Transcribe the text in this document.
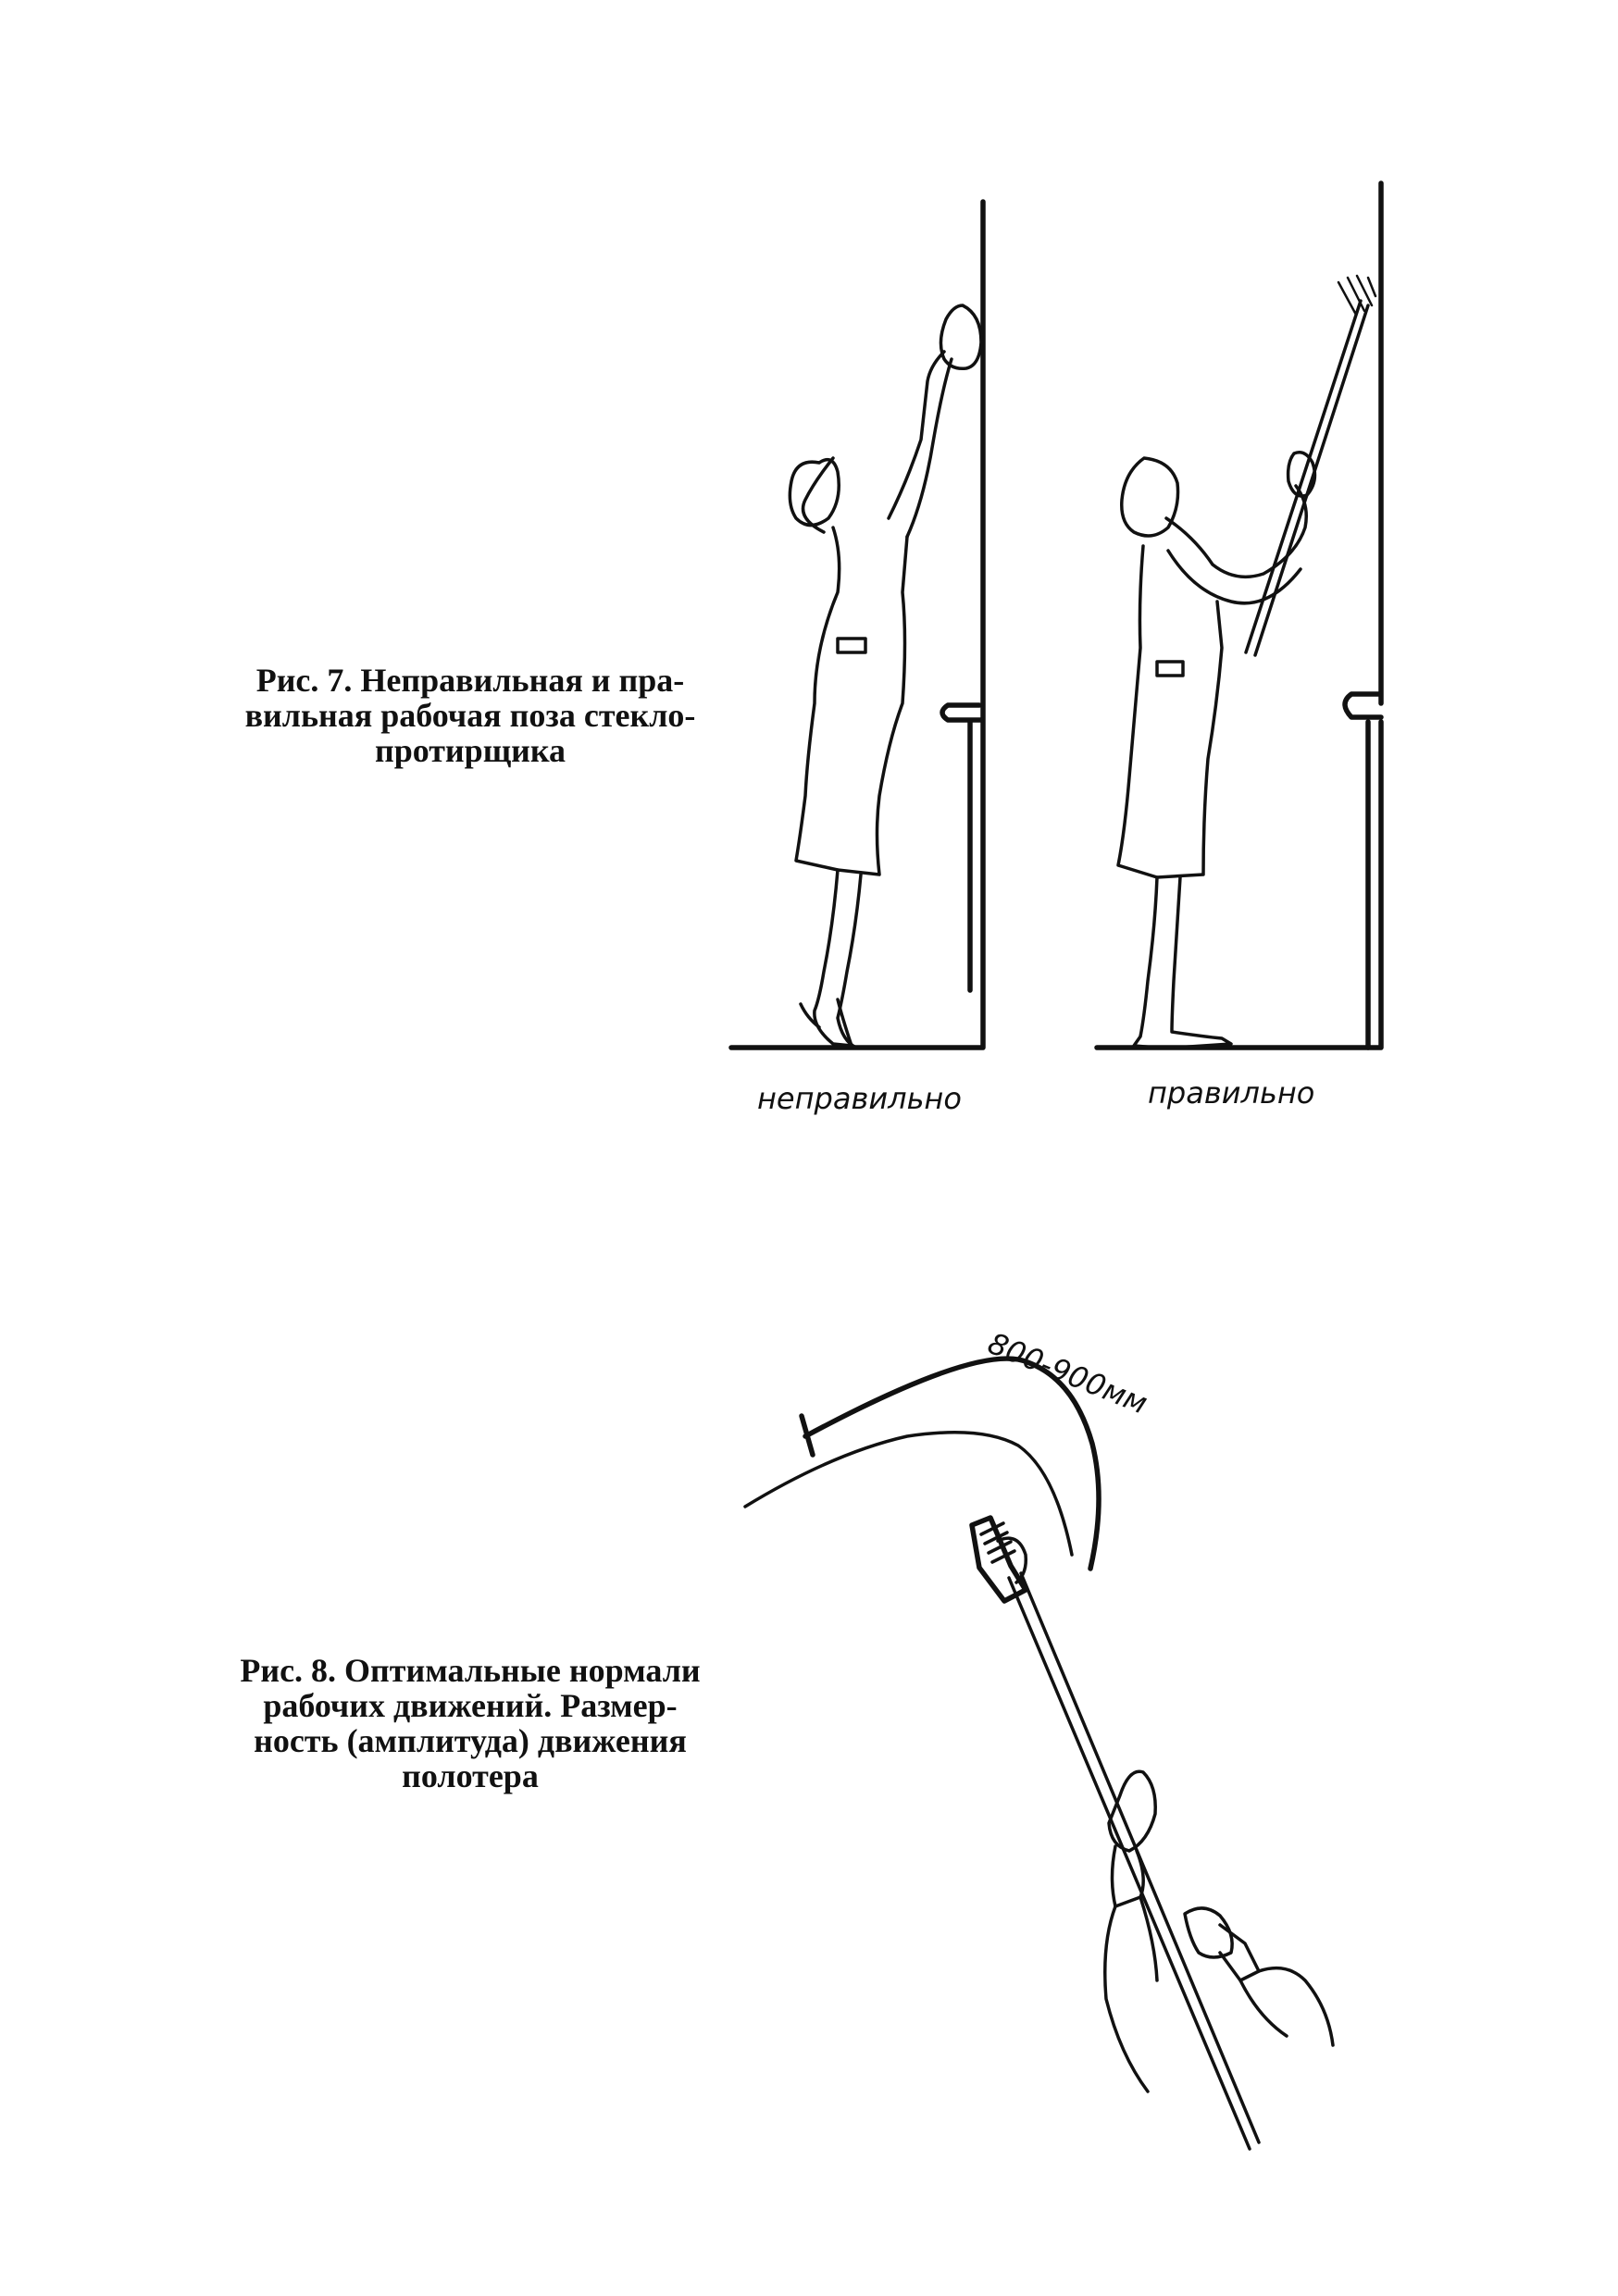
Рис. 7. Неправильная и пра-

вильная рабочая поза стекло-

протирщика

Рис. 8. Оптимальные нормали

рабочих движений. Размер-

ность (амплитуда) движения

полотера

неправильно	правильно
800-900мм
